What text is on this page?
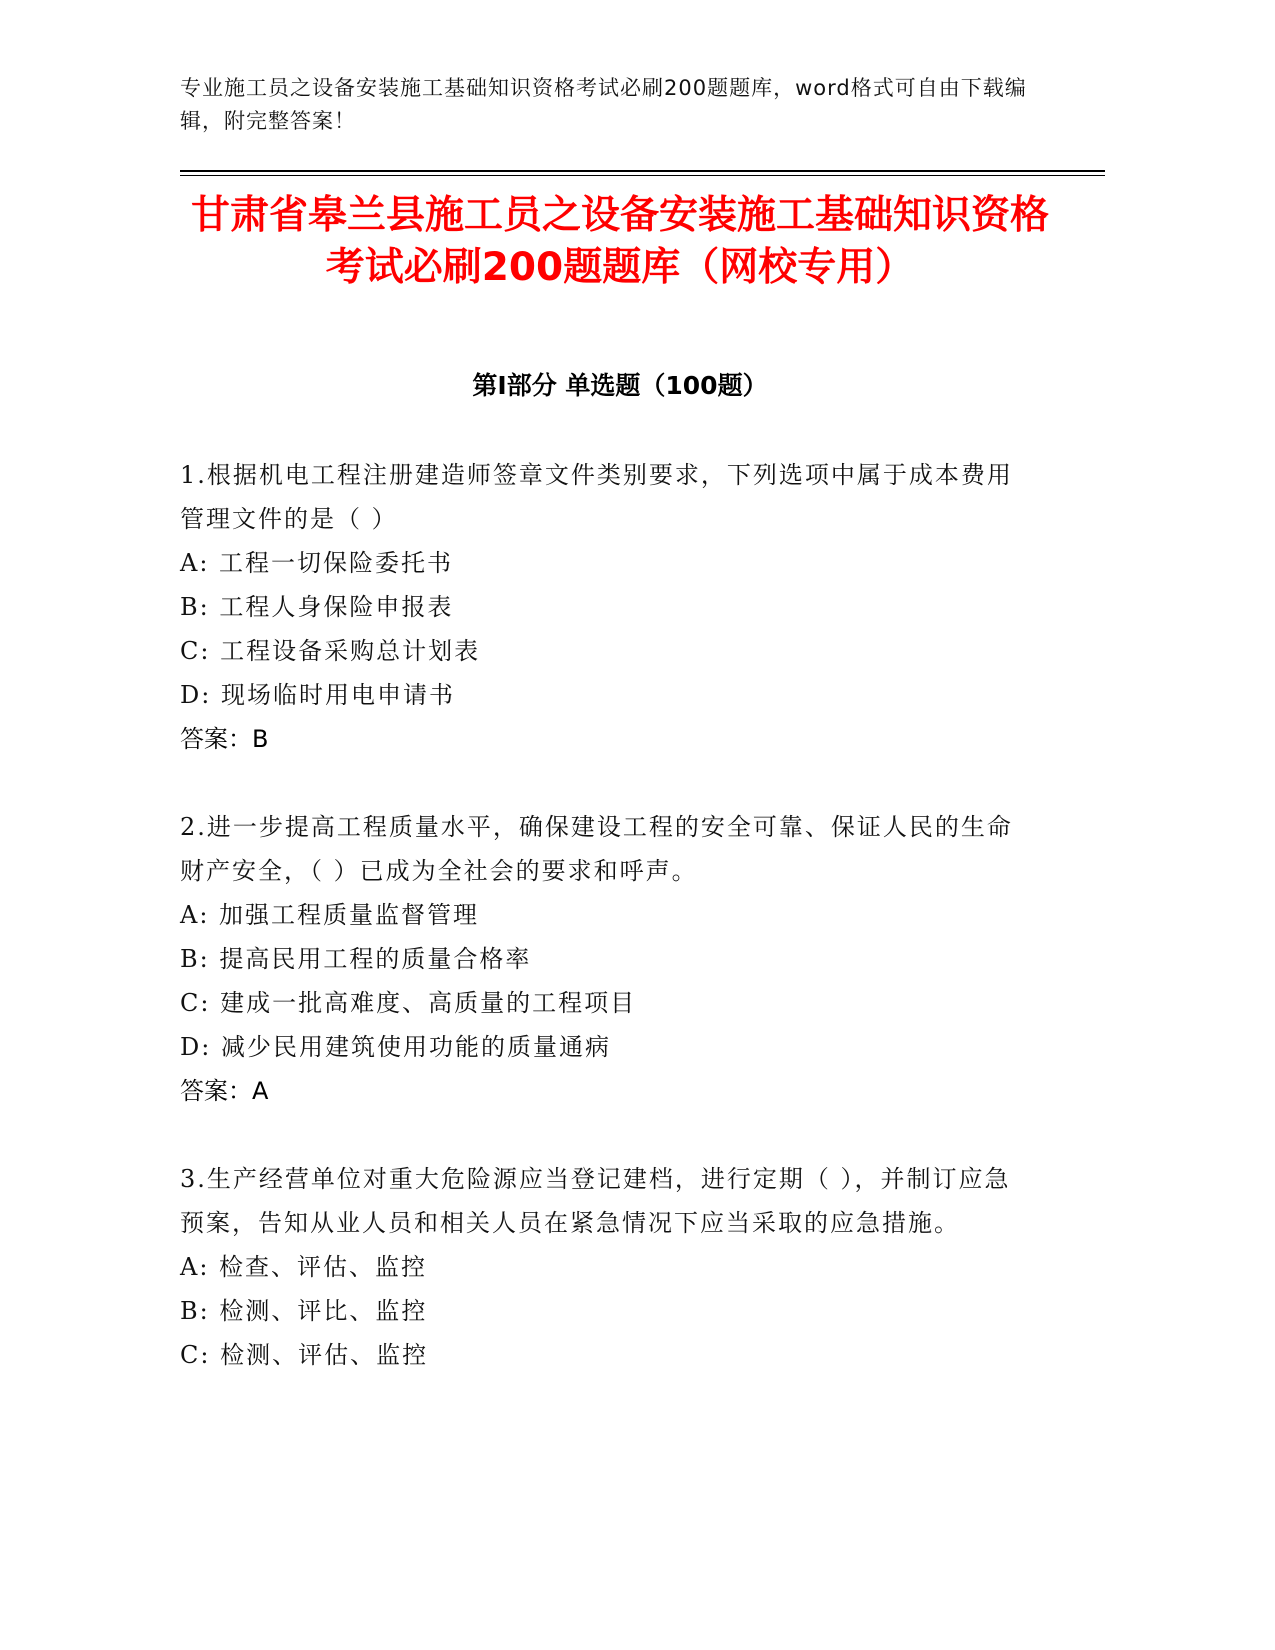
专业施工员之设备安装施工基础知识资格考试必刷200题题库，word格式可自由下载编辑，附完整答案！
甘肃省皋兰县施工员之设备安装施工基础知识资格考试必刷200题题库（网校专用）
第Ⅰ部分 单选题（100题）
1.根据机电工程注册建造师签章文件类别要求，下列选项中属于成本费用管理文件的是（ ）
A: 工程一切保险委托书
B: 工程人身保险申报表
C: 工程设备采购总计划表
D: 现场临时用电申请书
答案：B
2.进一步提高工程质量水平，确保建设工程的安全可靠、保证人民的生命财产安全，（ ）已成为全社会的要求和呼声。
A: 加强工程质量监督管理
B: 提高民用工程的质量合格率
C: 建成一批高难度、高质量的工程项目
D: 减少民用建筑使用功能的质量通病
答案：A
3.生产经营单位对重大危险源应当登记建档，进行定期（ ），并制订应急预案，告知从业人员和相关人员在紧急情况下应当采取的应急措施。
A: 检查、评估、监控
B: 检测、评比、监控
C: 检测、评估、监控
